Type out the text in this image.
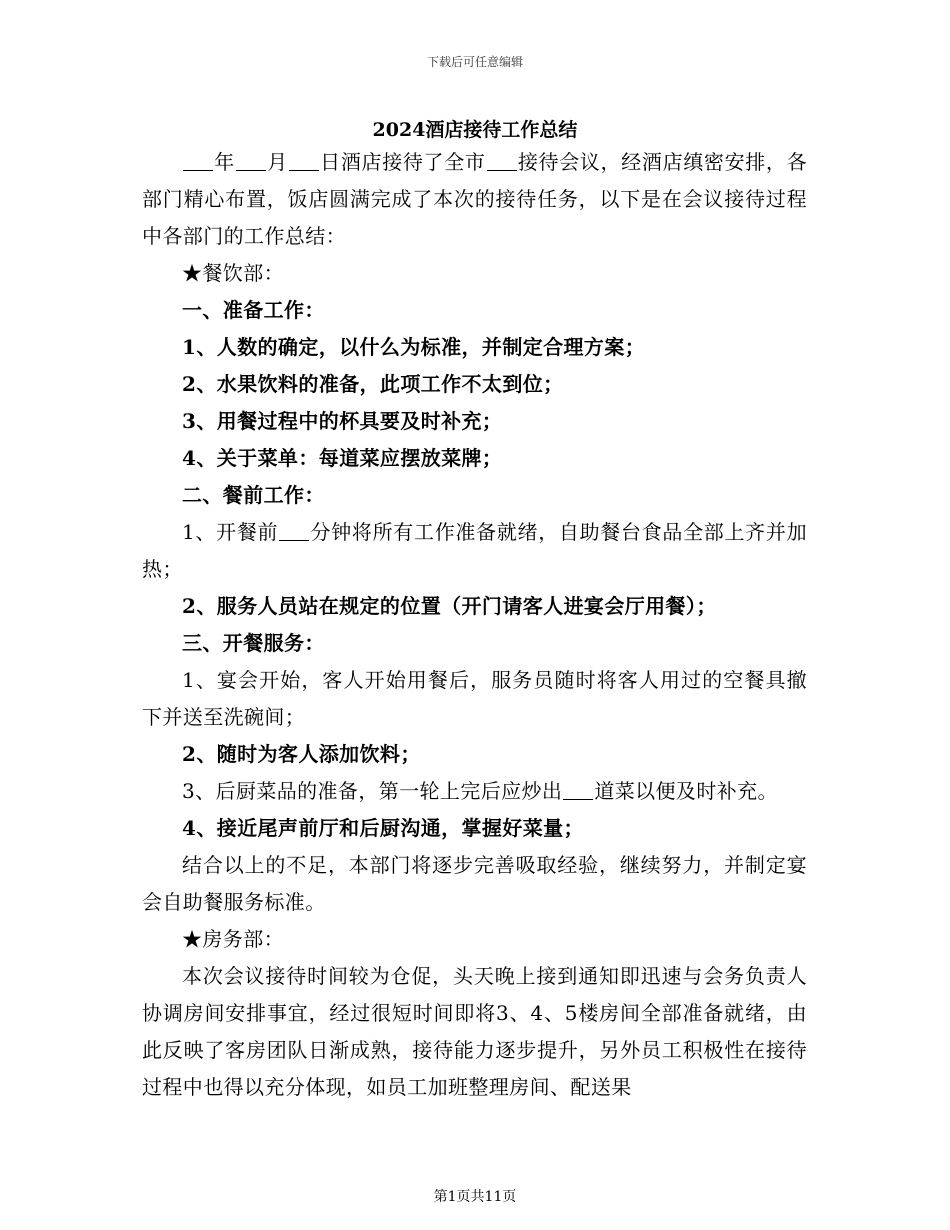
下载后可任意编辑
2024酒店接待工作总结

年 月 日酒店接待了全市 接待会议，经酒店缜密安排，各部门精心布置，饭店圆满完成了本次的接待任务，以下是在会议接待过程中各部门的工作总结：

★餐饮部：

一、准备工作：

1、人数的确定，以什么为标准，并制定合理方案；

2、水果饮料的准备，此项工作不太到位；

3、用餐过程中的杯具要及时补充；

4、关于菜单：每道菜应摆放菜牌；

二、餐前工作：

1、开餐前 分钟将所有工作准备就绪，自助餐台食品全部上齐并加热；

2、服务人员站在规定的位置（开门请客人进宴会厅用餐）；

三、开餐服务：

1、宴会开始，客人开始用餐后，服务员随时将客人用过的空餐具撤下并送至洗碗间；

2、随时为客人添加饮料；

3、后厨菜品的准备，第一轮上完后应炒出 道菜以便及时补充。

4、接近尾声前厅和后厨沟通，掌握好菜量；

结合以上的不足，本部门将逐步完善吸取经验，继续努力，并制定宴会自助餐服务标准。

★房务部：

本次会议接待时间较为仓促，头天晚上接到通知即迅速与会务负责人协调房间安排事宜，经过很短时间即将3、4、5楼房间全部准备就绪，由此反映了客房团队日渐成熟，接待能力逐步提升，另外员工积极性在接待过程中也得以充分体现，如员工加班整理房间、配送果

第1页共11页
